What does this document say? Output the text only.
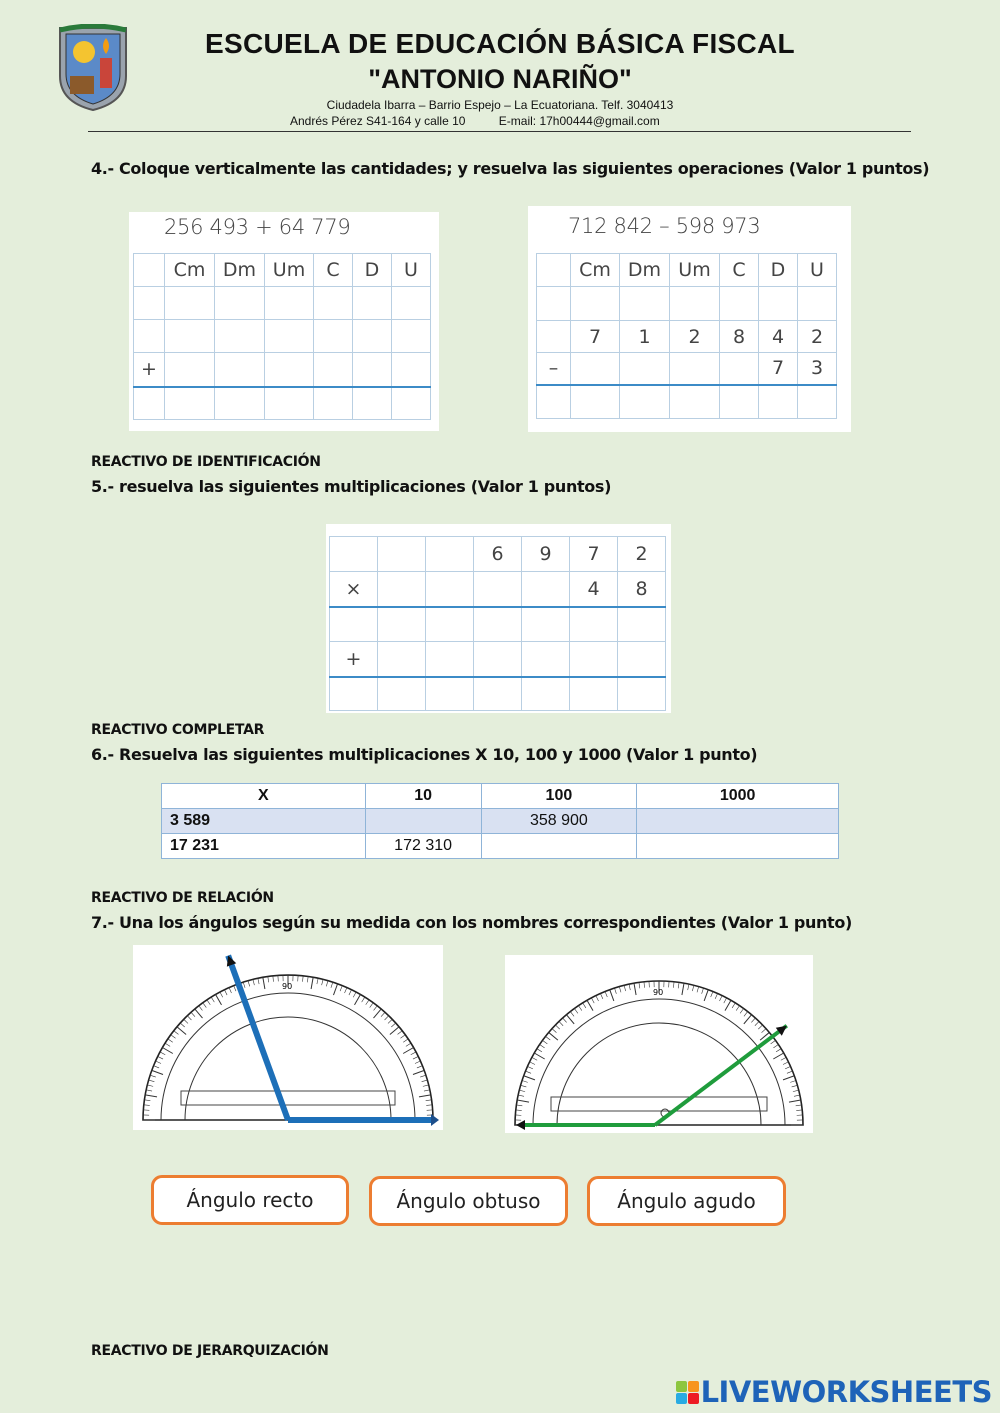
ESCUELA DE EDUCACIÓN BÁSICA FISCAL
"ANTONIO NARIÑO"
Ciudadela Ibarra – Barrio Espejo – La Ecuatoriana. Telf. 3040413
Andrés Pérez S41-164 y calle 10          E-mail: 17h00444@gmail.com
4.- Coloque verticalmente las cantidades; y resuelva las siguientes operaciones (Valor 1 puntos)
256 493 + 64 779
	Cm	Dm	Um	C	D	U

+						

712 842 – 598 973
	Cm	Dm	Um	C	D	U

	7	1	2	8	4	2
–					7	3

REACTIVO DE IDENTIFICACIÓN
5.- resuelva las siguientes multiplicaciones (Valor 1 puntos)
			6	9	7	2
×					4	8

+						

REACTIVO COMPLETAR
6.- Resuelva las siguientes multiplicaciones X 10, 100 y 1000 (Valor 1 punto)
X	10	100	1000
3 589		358 900	
17 231	172 310		
REACTIVO DE RELACIÓN
7.- Una los ángulos según su medida con los nombres correspondientes (Valor 1 punto)
90
90
Ángulo recto	Ángulo obtuso	Ángulo agudo
REACTIVO DE JERARQUIZACIÓN
LIVEWORKSHEETS
